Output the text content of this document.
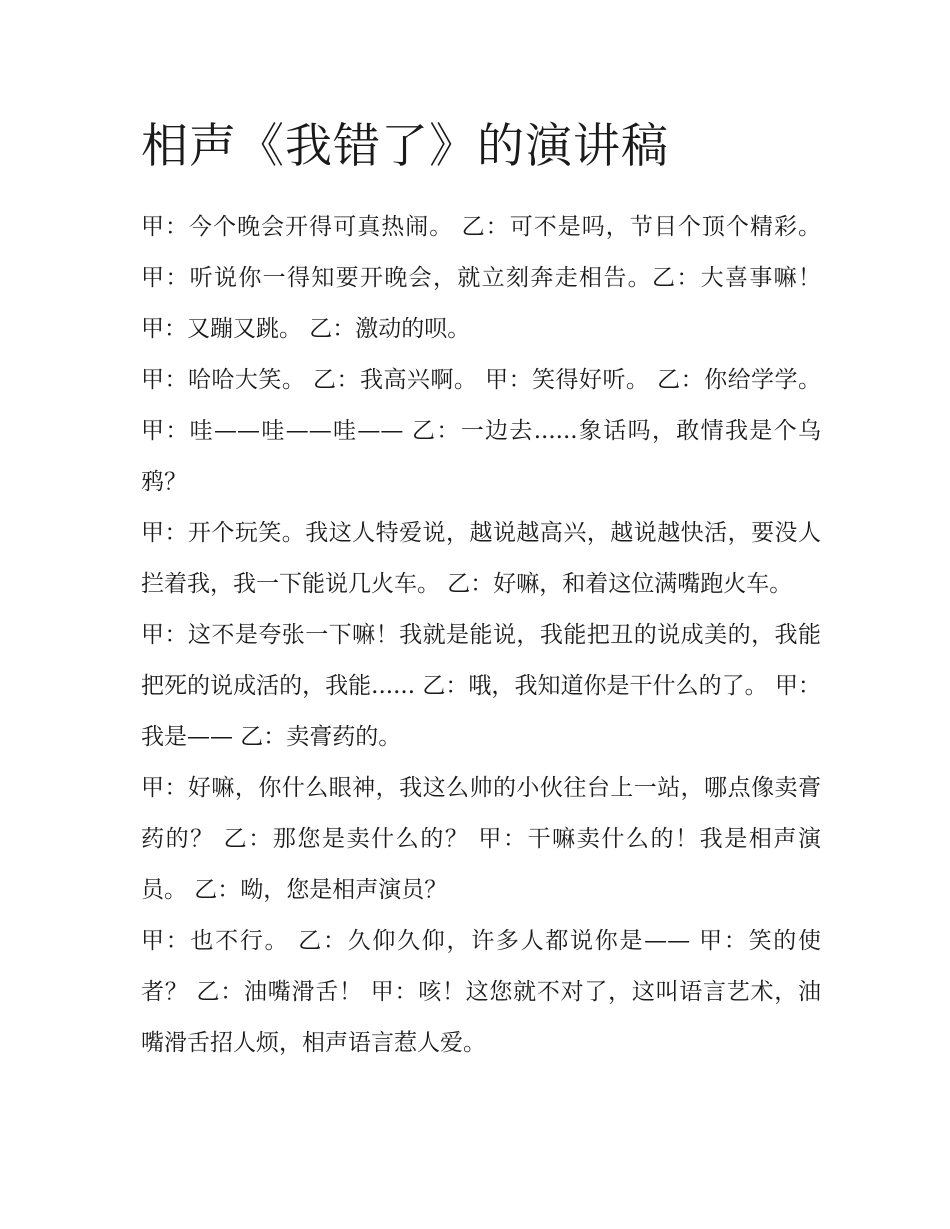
相声《我错了》的演讲稿

甲：今个晚会开得可真热闹。 乙：可不是吗，节目个顶个精彩。 甲：听说你一得知要开晚会，就立刻奔走相告。乙：大喜事嘛！ 甲：又蹦又跳。 乙：激动的呗。

甲：哈哈大笑。 乙：我高兴啊。 甲：笑得好听。 乙：你给学学。 甲：哇——哇——哇—— 乙：一边去......象话吗，敢情我是个乌鸦？

甲：开个玩笑。我这人特爱说，越说越高兴，越说越快活，要没人拦着我，我一下能说几火车。 乙：好嘛，和着这位满嘴跑火车。

甲：这不是夸张一下嘛！我就是能说，我能把丑的说成美的，我能把死的说成活的，我能...... 乙：哦，我知道你是干什么的了。 甲：我是—— 乙：卖膏药的。

甲：好嘛，你什么眼神，我这么帅的小伙往台上一站，哪点像卖膏药的？ 乙：那您是卖什么的？ 甲：干嘛卖什么的！我是相声演员。 乙：呦，您是相声演员？

甲：也不行。 乙：久仰久仰，许多人都说你是—— 甲：笑的使者？ 乙：油嘴滑舌！ 甲：咳！这您就不对了，这叫语言艺术，油嘴滑舌招人烦，相声语言惹人爱。
